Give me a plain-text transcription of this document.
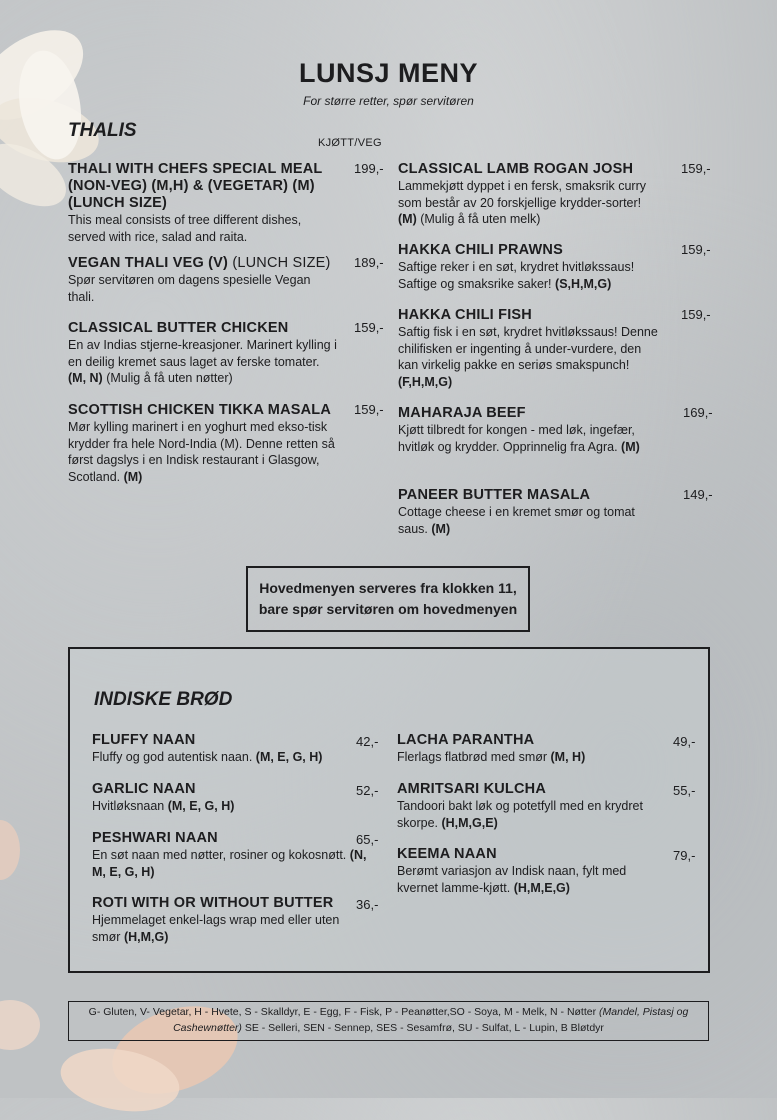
LUNSJ MENY
For større retter, spør servitøren
THALIS
KJØTT/VEG
THALI WITH CHEFS SPECIAL MEAL (NON-VEG) (M,H) & (VEGETAR) (M) (LUNCH SIZE)
This meal consists of tree different dishes, served with rice, salad and raita.
199,-
VEGAN THALI VEG (V) (LUNCH SIZE)
Spør servitøren om dagens spesielle Vegan thali.
189,-
CLASSICAL BUTTER CHICKEN
En av Indias stjerne-kreasjoner. Marinert kylling i en deilig kremet saus laget av ferske tomater. (M, N) (Mulig å få uten nøtter)
159,-
SCOTTISH CHICKEN TIKKA MASALA
Mør kylling marinert i en yoghurt med ekso-tisk krydder fra hele Nord-India (M). Denne retten så først dagslys i en Indisk restaurant i Glasgow, Scotland. (M)
159,-
CLASSICAL LAMB ROGAN JOSH
Lammekjøtt dyppet i en fersk, smaksrik curry som består av 20 forskjellige krydder-sorter! (M) (Mulig å få uten melk)
159,-
HAKKA CHILI PRAWNS
Saftige reker i en søt, krydret hvitløkssaus! Saftige og smaksrike saker! (S,H,M,G)
159,-
HAKKA CHILI FISH
Saftig fisk i en søt, krydret hvitløkssaus! Denne chilifisken er ingenting å under-vurdere, den kan virkelig pakke en seriøs smakspunch! (F,H,M,G)
159,-
MAHARAJA BEEF
Kjøtt tilbredt for kongen - med løk, ingefær, hvitløk og krydder. Opprinnelig fra Agra. (M)
169,-
PANEER BUTTER MASALA
Cottage cheese i en kremet smør og tomat saus. (M)
149,-
Hovedmenyen serveres fra klokken 11,
bare spør servitøren om hovedmenyen
INDISKE BRØD
FLUFFY NAAN
Fluffy og god autentisk naan. (M, E, G, H)
42,-
GARLIC NAAN
Hvitløksnaan (M, E, G, H)
52,-
PESHWARI NAAN
En søt naan med nøtter, rosiner og kokosnøtt. (N, M, E, G, H)
65,-
ROTI WITH OR WITHOUT BUTTER
Hjemmelaget enkel-lags wrap med eller uten smør (H,M,G)
36,-
LACHA PARANTHA
Flerlags flatbrød med smør (M, H)
49,-
AMRITSARI KULCHA
Tandoori bakt løk og potetfyll med en krydret skorpe. (H,M,G,E)
55,-
KEEMA NAAN
Berømt variasjon av Indisk naan, fylt med kvernet lamme-kjøtt. (H,M,E,G)
79,-
G- Gluten, V- Vegetar, H - Hvete, S - Skalldyr, E - Egg, F - Fisk, P - Peanøtter,SO - Soya, M - Melk, N - Nøtter (Mandel, Pistasj og Cashewnøtter) SE - Selleri, SEN - Sennep, SES - Sesamfrø, SU - Sulfat, L - Lupin, B Bløtdyr
